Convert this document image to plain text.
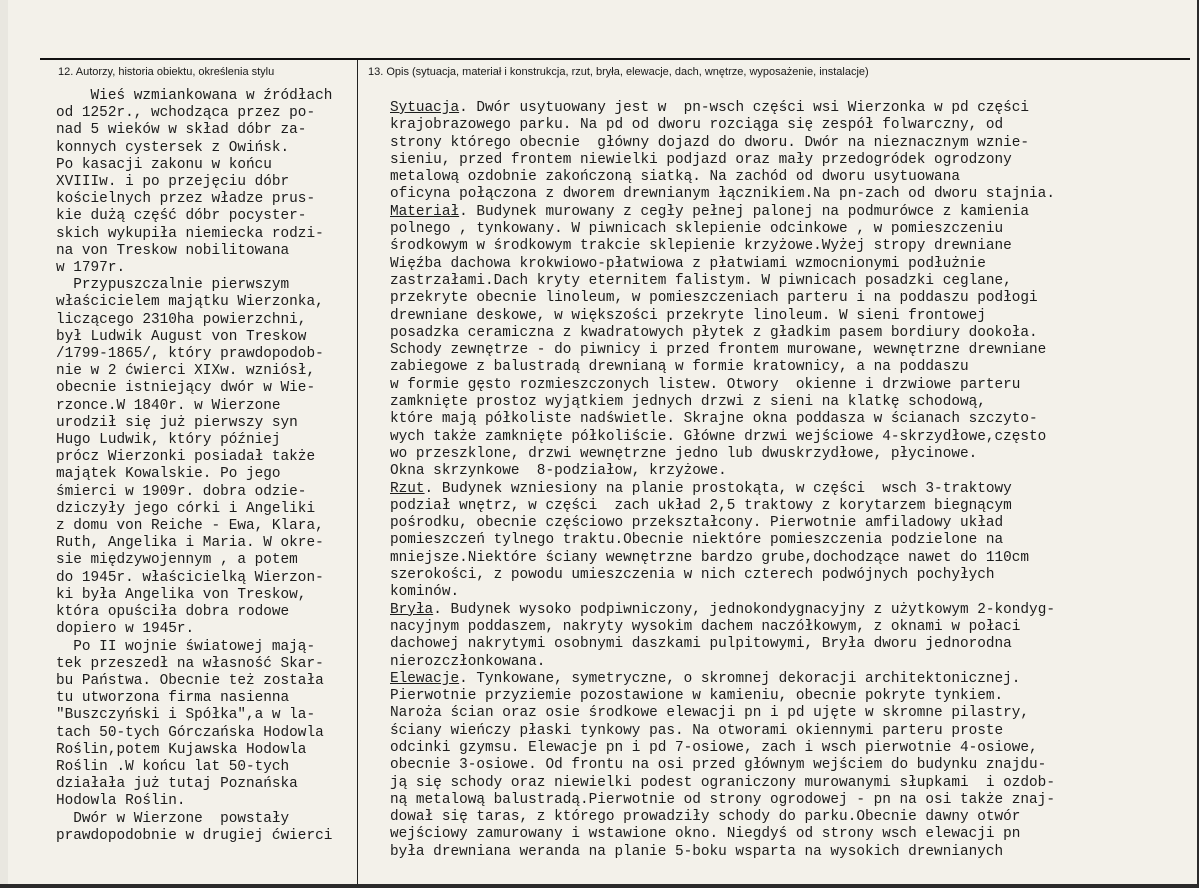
12. Autorzy, historia obiektu, określenia stylu	13. Opis (sytuacja, materiał i konstrukcja, rzut, bryła, elewacje, dach, wnętrze, wyposażenie, instalacje)
Wieś wzmiankowana w źródłach
od 1252r., wchodząca przez po-
nad 5 wieków w skład dóbr za-
konnych cystersek z Owińsk.
Po kasacji zakonu w końcu
XVIIIw. i po przejęciu dóbr
kościelnych przez władze prus-
kie dużą część dóbr pocyster-
skich wykupiła niemiecka rodzi-
na von Treskow nobilitowana
w 1797r.
Przypuszczalnie pierwszym
właścicielem majątku Wierzonka,
liczącego 2310ha powierzchni,
był Ludwik August von Treskow
/1799-1865/, który prawdopodob-
nie w 2 ćwierci XIXw. wzniósł,
obecnie istniejący dwór w Wie-
rzonce.W 1840r. w Wierzone
urodził się już pierwszy syn
Hugo Ludwik, który później
prócz Wierzonki posiadał także
majątek Kowalskie. Po jego
śmierci w 1909r. dobra odzie-
dziczyły jego córki i Angeliki
z domu von Reiche - Ewa, Klara,
Ruth, Angelika i Maria. W okre-
sie międzywojennym , a potem
do 1945r. właścicielką Wierzon-
ki była Angelika von Treskow,
która opuściła dobra rodowe
dopiero w 1945r.
Po II wojnie światowej mają-
tek przeszedł na własność Skar-
bu Państwa. Obecnie też została
tu utworzona firma nasienna
"Buszczyński i Spółka",a w la-
tach 50-tych Górczańska Hodowla
Roślin,potem Kujawska Hodowla
Roślin .W końcu lat 50-tych
działała już tutaj Poznańska
Hodowla Roślin.
Dwór w Wierzone  powstały
prawdopodobnie w drugiej ćwierci
Sytuacja. Dwór usytuowany jest w  pn-wsch części wsi Wierzonka w pd części
krajobrazowego parku. Na pd od dworu rozciąga się zespół folwarczny, od
strony którego obecnie  główny dojazd do dworu. Dwór na nieznacznym wznie-
sieniu, przed frontem niewielki podjazd oraz mały przedogródek ogrodzony
metalową ozdobnie zakończoną siatką. Na zachód od dworu usytuowana
oficyna połączona z dworem drewnianym łącznikiem.Na pn-zach od dworu stajnia.
Materiał. Budynek murowany z cegły pełnej palonej na podmurówce z kamienia
polnego , tynkowany. W piwnicach sklepienie odcinkowe , w pomieszczeniu
środkowym w środkowym trakcie sklepienie krzyżowe.Wyżej stropy drewniane
Więźba dachowa krokwiowo-płatwiowa z płatwiami wzmocnionymi podłużnie
zastrzałami.Dach kryty eternitem falistym. W piwnicach posadzki ceglane,
przekryte obecnie linoleum, w pomieszczeniach parteru i na poddaszu podłogi
drewniane deskowe, w większości przekryte linoleum. W sieni frontowej
posadzka ceramiczna z kwadratowych płytek z gładkim pasem bordiury dookoła.
Schody zewnętrze - do piwnicy i przed frontem murowane, wewnętrzne drewniane
zabiegowe z balustradą drewnianą w formie kratownicy, a na poddaszu
w formie gęsto rozmieszczonych listew. Otwory  okienne i drzwiowe parteru
zamknięte prostoz wyjątkiem jednych drzwi z sieni na klatkę schodową,
które mają półkoliste nadświetle. Skrajne okna poddasza w ścianach szczyto-
wych także zamknięte półkoliście. Główne drzwi wejściowe 4-skrzydłowe,często
wo przeszklone, drzwi wewnętrzne jedno lub dwuskrzydłowe, płycinowe.
Okna skrzynkowe  8-podziałow, krzyżowe.
Rzut. Budynek wzniesiony na planie prostokąta, w części  wsch 3-traktowy
podział wnętrz, w części  zach układ 2,5 traktowy z korytarzem biegnącym
pośrodku, obecnie częściowo przekształcony. Pierwotnie amfiladowy układ
pomieszczeń tylnego traktu.Obecnie niektóre pomieszczenia podzielone na
mniejsze.Niektóre ściany wewnętrzne bardzo grube,dochodzące nawet do 110cm
szerokości, z powodu umieszczenia w nich czterech podwójnych pochyłych
kominów.
Bryła. Budynek wysoko podpiwniczony, jednokondygnacyjny z użytkowym 2-kondyg-
nacyjnym poddaszem, nakryty wysokim dachem naczółkowym, z oknami w połaci
dachowej nakrytymi osobnymi daszkami pulpitowymi, Bryła dworu jednorodna
nierozczłonkowana.
Elewacje. Tynkowane, symetryczne, o skromnej dekoracji architektonicznej.
Pierwotnie przyziemie pozostawione w kamieniu, obecnie pokryte tynkiem.
Naroża ścian oraz osie środkowe elewacji pn i pd ujęte w skromne pilastry,
ściany wieńczy płaski tynkowy pas. Na otworami okiennymi parteru proste
odcinki gzymsu. Elewacje pn i pd 7-osiowe, zach i wsch pierwotnie 4-osiowe,
obecnie 3-osiowe. Od frontu na osi przed głównym wejściem do budynku znajdu-
ją się schody oraz niewielki podest ograniczony murowanymi słupkami  i ozdob-
ną metalową balustradą.Pierwotnie od strony ogrodowej - pn na osi także znaj-
dował się taras, z którego prowadziły schody do parku.Obecnie dawny otwór
wejściowy zamurowany i wstawione okno. Niegdyś od strony wsch elewacji pn
była drewniana weranda na planie 5-boku wsparta na wysokich drewnianych
